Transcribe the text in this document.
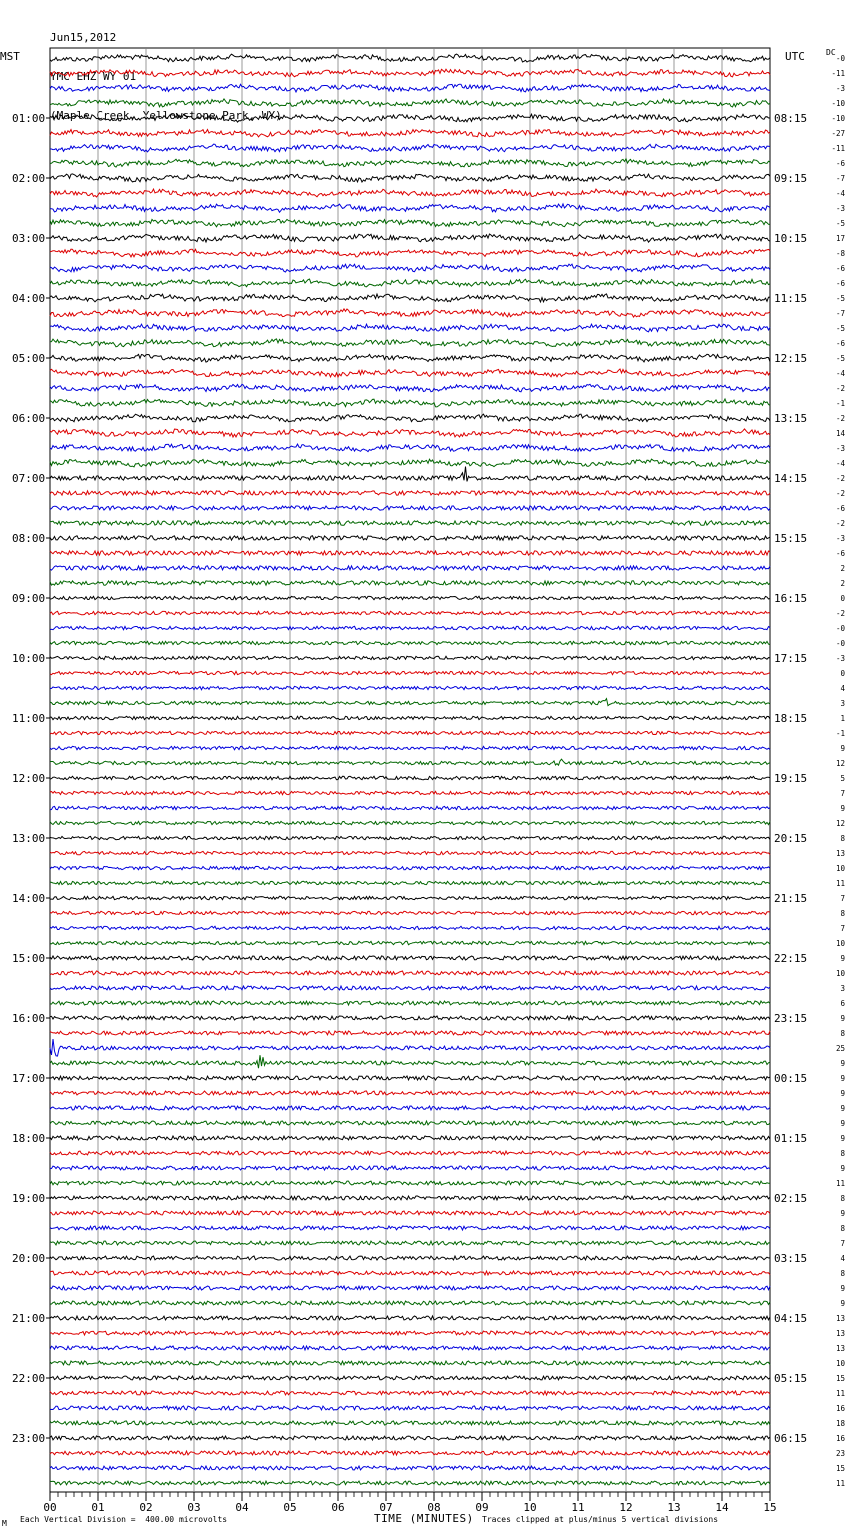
Jun15,2012

YMC EHZ WY 01

(Maple Creek, Yellowstone Park, WY)

MST	UTC	DC
-0
-11
-3
-10
-10
-27
-11
-6
-7
-4
-3
-5
17
-8
-6
-6
-5
-7
-5
-6
-5
-4
-2
-1
-2
14
-3
-4
-2
-2
-6
-2
-3
-6
2
2
0
-2
-0
-0
-3
0
4
3
1
-1
9
12
5
7
9
12
8
13
10
11
7
8
7
10
9
10
3
6
9
8
25
9
9
9
9
9
9
8
9
11
8
9
8
7
4
8
9
9
13
13
13
10
15
11
16
18
16
23
15
11
01:00
02:00
03:00
04:00
05:00
06:00
07:00
08:00
09:00
10:00
11:00
12:00
13:00
14:00
15:00
16:00
17:00
18:00
19:00
20:00
21:00
22:00
23:00
08:15
09:15
10:15
11:15
12:15
13:15
14:15
15:15
16:15
17:15
18:15
19:15
20:15
21:15
22:15
23:15
00:15
01:15
02:15
03:15
04:15
05:15
06:15
00	01	02	03	04	05	06	07	08	09	10	11	12	13	14	15
TIME (MINUTES)
M Each Vertical Division =  400.00 microvolts	Traces clipped at plus/minus 5 vertical divisions
